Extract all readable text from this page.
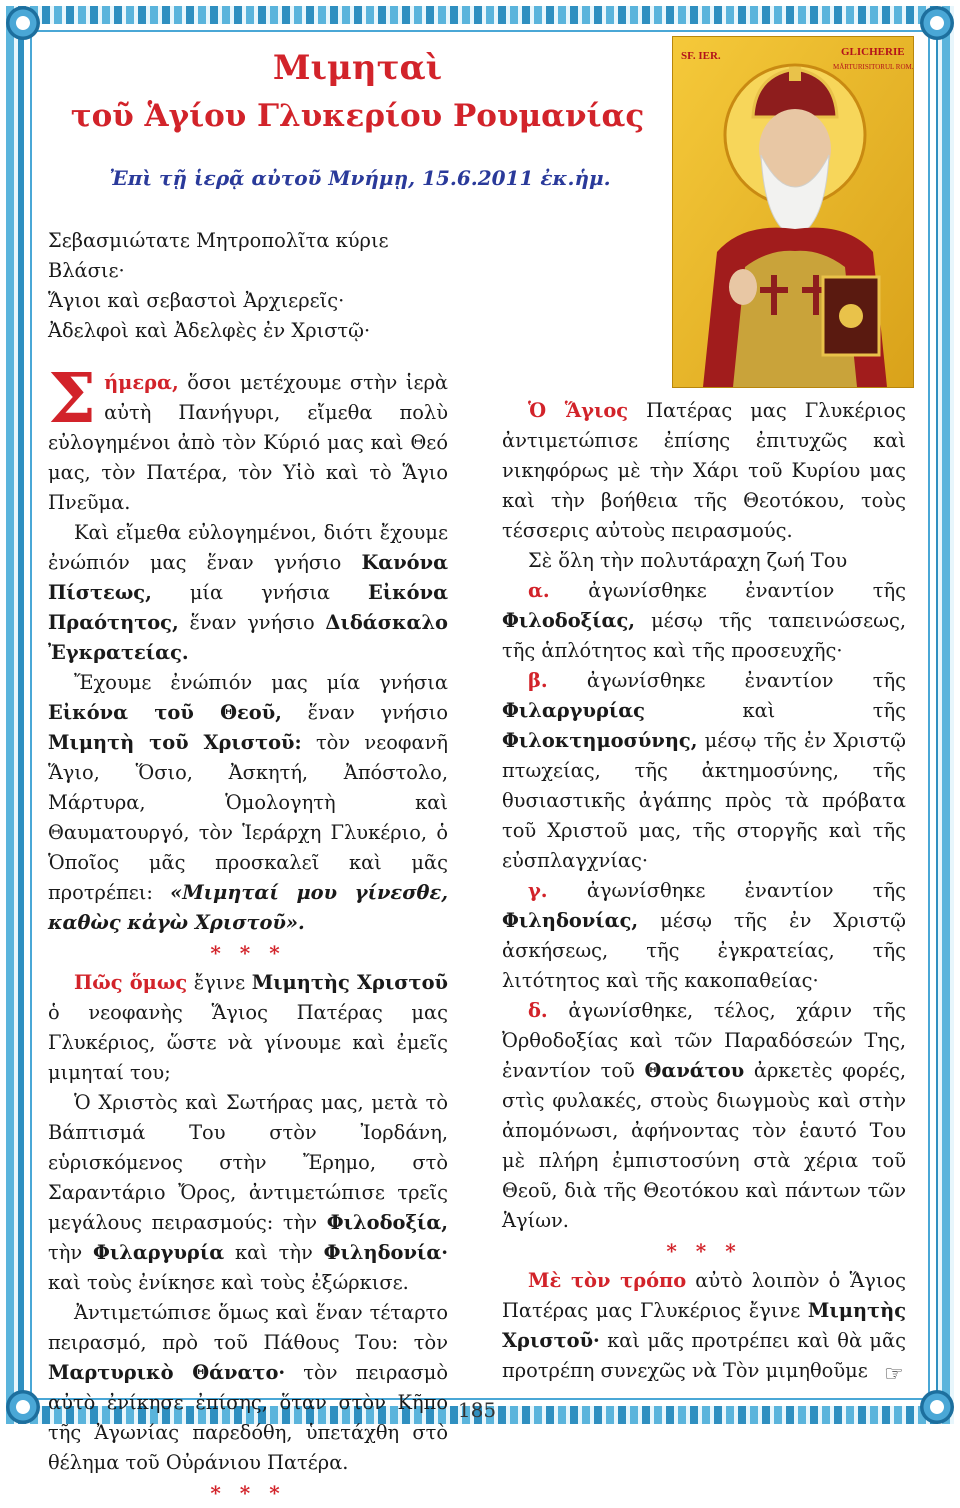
Μιμηταὶ
τοῦ Ἁγίου Γλυκερίου Ρουμανίας

Ἐπὶ τῇ ἱερᾷ αὐτοῦ Μνήμῃ, 15.6.2011 ἐκ.ἡμ.

SF. IER.	GLICHERIE
MĂRTURISITORUL ROM.

Σεβασμιώτατε Μητροπολῖτα κύριε Βλάσιε·

Ἅγιοι καὶ σεβαστοὶ Ἀρχιερεῖς·

Ἀδελφοὶ καὶ Ἀδελφὲς ἐν Χριστῷ·

Σήμερα, ὅσοι μετέχουμε στὴν ἱερὰ αὐτὴ Πανήγυρι, εἴμεθα πολὺ εὐλογημένοι ἀπὸ τὸν Κύριό μας καὶ Θεό μας, τὸν Πατέρα, τὸν Υἱὸ καὶ τὸ Ἅγιο Πνεῦμα.

Καὶ εἴμεθα εὐλογημένοι, διότι ἔχουμε ἐνώπιόν μας ἕναν γνήσιο Κανόνα Πίστεως, μία γνήσια Εἰκόνα Πραότητος, ἕναν γνήσιο Διδάσκαλο Ἐγκρατείας.

Ἔχουμε ἐνώπιόν μας μία γνήσια Εἰκόνα τοῦ Θεοῦ, ἕναν γνήσιο Μιμητὴ τοῦ Χριστοῦ: τὸν νεοφανῆ Ἅγιο, Ὅσιο, Ἀσκητή, Ἀπόστολο, Μάρτυρα, Ὁμολογητὴ καὶ Θαυματουργό, τὸν Ἱεράρχη Γλυκέριο, ὁ Ὁποῖος μᾶς προσκαλεῖ καὶ μᾶς προτρέπει: «Μιμηταί μου γίνεσθε, καθὼς κἀγὼ Χριστοῦ».

* * *

Πῶς ὅμως ἔγινε Μιμητὴς Χριστοῦ ὁ νεοφανὴς Ἅγιος Πατέρας μας Γλυκέριος, ὥστε νὰ γίνουμε καὶ ἐμεῖς μιμηταί του;

Ὁ Χριστὸς καὶ Σωτήρας μας, μετὰ τὸ Βάπτισμά Του στὸν Ἰορδάνη, εὑρισκόμενος στὴν Ἔρημο, στὸ Σαραντάριο Ὄρος, ἀντιμετώπισε τρεῖς μεγάλους πειρασμούς: τὴν Φιλοδοξία, τὴν Φιλαργυρία καὶ τὴν Φιληδονία· καὶ τοὺς ἐνίκησε καὶ τοὺς ἐξώρκισε.

Ἀντιμετώπισε ὅμως καὶ ἕναν τέταρτο πειρασμό, πρὸ τοῦ Πάθους Του: τὸν Μαρτυρικὸ Θάνατο· τὸν πειρασμὸ αὐτὸ ἐνίκησε ἐπίσης, ὅταν στὸν Κῆπο τῆς Ἀγωνίας παρεδόθη, ὑπετάχθη στὸ θέλημα τοῦ Οὐράνιου Πατέρα.

* * *

Ὁ Ἅγιος Πατέρας μας Γλυκέριος ἀντιμετώπισε ἐπίσης ἐπιτυχῶς καὶ νικηφόρως μὲ τὴν Χάρι τοῦ Κυρίου μας καὶ τὴν βοήθεια τῆς Θεοτόκου, τοὺς τέσσερις αὐτοὺς πειρασμούς.

Σὲ ὅλη τὴν πολυτάραχη ζωή Του

α. ἀγωνίσθηκε ἐναντίον τῆς Φιλοδοξίας, μέσῳ τῆς ταπεινώσεως, τῆς ἁπλότητος καὶ τῆς προσευχῆς·

β. ἀγωνίσθηκε ἐναντίον τῆς Φιλαργυρίας καὶ τῆς Φιλοκτημοσύνης, μέσῳ τῆς ἐν Χριστῷ πτωχείας, τῆς ἀκτημοσύνης, τῆς θυσιαστικῆς ἀγάπης πρὸς τὰ πρόβατα τοῦ Χριστοῦ μας, τῆς στοργῆς καὶ τῆς εὐσπλαγχνίας·

γ. ἀγωνίσθηκε ἐναντίον τῆς Φιληδονίας, μέσῳ τῆς ἐν Χριστῷ ἀσκήσεως, τῆς ἐγκρατείας, τῆς λιτότητος καὶ τῆς κακοπαθείας·

δ. ἀγωνίσθηκε, τέλος, χάριν τῆς Ὀρθοδοξίας καὶ τῶν Παραδόσεών Της, ἐναντίον τοῦ Θανάτου ἀρκετὲς φορές, στὶς φυλακές, στοὺς διωγμοὺς καὶ στὴν ἀπομόνωσι, ἀφήνοντας τὸν ἑαυτό Του μὲ πλήρη ἐμπιστοσύνη στὰ χέρια τοῦ Θεοῦ, διὰ τῆς Θεοτόκου καὶ πάντων τῶν Ἁγίων.

* * *

Μὲ τὸν τρόπο αὐτὸ λοιπὸν ὁ Ἅγιος Πατέρας μας Γλυκέριος ἔγινε Μιμητὴς Χριστοῦ· καὶ μᾶς προτρέπει καὶ θὰ μᾶς προτρέπη συνεχῶς νὰ Τὸν μιμηθοῦμε ☞
185
